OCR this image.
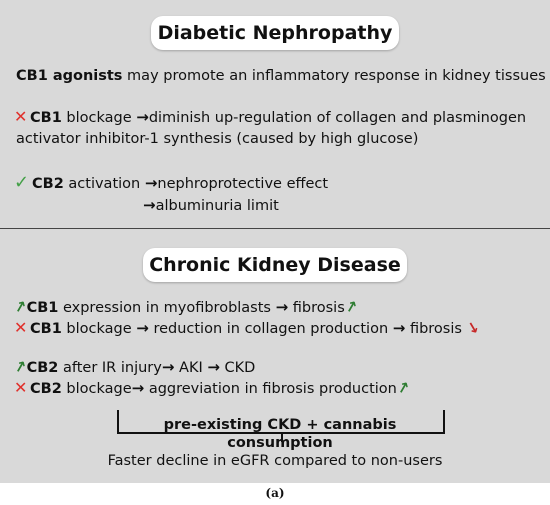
Diabetic Nephropathy
CB1 agonists may promote an inflammatory response in kidney tissues
✕ CB1 blockage →diminish up-regulation of collagen and plasminogen
activator inhibitor-1 synthesis (caused by high glucose)
✓ CB2 activation →nephroprotective effect
→albuminuria limit
Chronic Kidney Disease
↑CB1 expression in myofibroblasts → fibrosis↑
✕ CB1 blockage → reduction in collagen production → fibrosis ↓
↑CB2 after IR injury→ AKI → CKD
✕ CB2 blockage→ aggreviation in fibrosis production↑
pre-existing CKD + cannabis consumption
Faster decline in eGFR compared to non-users
(a)
